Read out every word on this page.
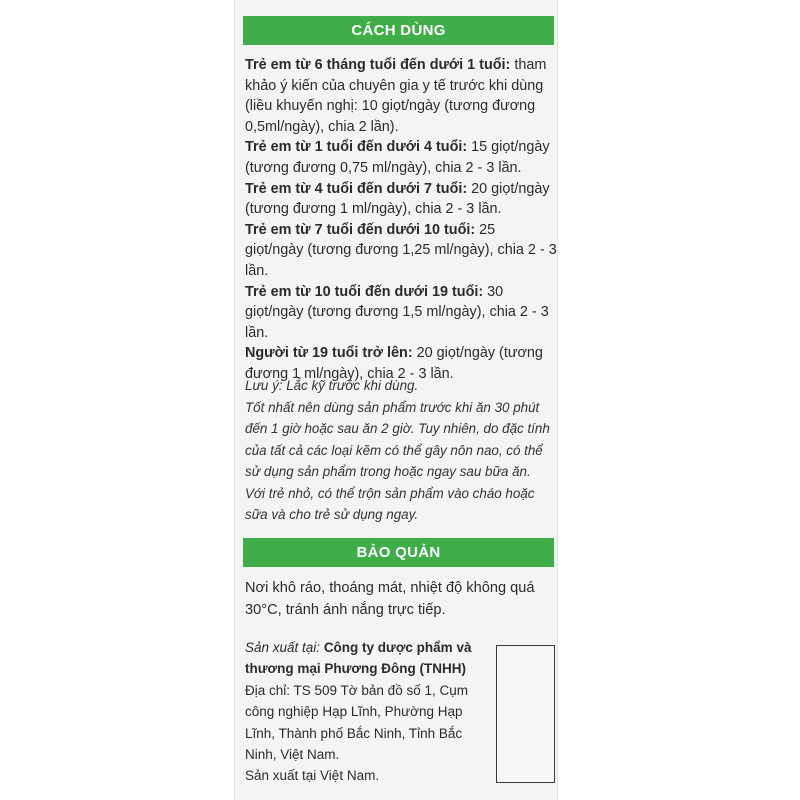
CÁCH DÙNG

Trẻ em từ 6 tháng tuổi đến dưới 1 tuổi: tham khảo ý kiến của chuyên gia y tế trước khi dùng (liều khuyến nghị: 10 giọt/ngày (tương đương 0,5ml/ngày), chia 2 lần).

Trẻ em từ 1 tuổi đến dưới 4 tuổi: 15 giọt/ngày (tương đương 0,75 ml/ngày), chia 2 - 3 lần.

Trẻ em từ 4 tuổi đến dưới 7 tuổi: 20 giọt/ngày (tương đương 1 ml/ngày), chia 2 - 3 lần.

Trẻ em từ 7 tuổi đến dưới 10 tuổi: 25 giọt/ngày (tương đương 1,25 ml/ngày), chia 2 - 3 lần.

Trẻ em từ 10 tuổi đến dưới 19 tuổi: 30 giọt/ngày (tương đương 1,5 ml/ngày), chia 2 - 3 lần.

Người từ 19 tuổi trở lên: 20 giọt/ngày (tương đương 1 ml/ngày), chia 2 - 3 lần.

Lưu ý: Lắc kỹ trước khi dùng.

Tốt nhất nên dùng sản phẩm trước khi ăn 30 phút đến 1 giờ hoặc sau ăn 2 giờ. Tuy nhiên, do đặc tính của tất cả các loại kẽm có thể gây nôn nao, có thể sử dụng sản phẩm trong hoặc ngay sau bữa ăn.

Với trẻ nhỏ, có thể trộn sản phẩm vào cháo hoặc sữa và cho trẻ sử dụng ngay.

BẢO QUẢN

Nơi khô ráo, thoáng mát, nhiệt độ không quá 30°C, tránh ánh nắng trực tiếp.

Sản xuất tại: Công ty dược phẩm và thương mại Phương Đông (TNHH)

Địa chỉ: TS 509 Tờ bản đồ số 1, Cụm công nghiệp Hạp Lĩnh, Phường Hạp Lĩnh, Thành phố Bắc Ninh, Tỉnh Bắc Ninh, Việt Nam.

Sản xuất tại Việt Nam.
